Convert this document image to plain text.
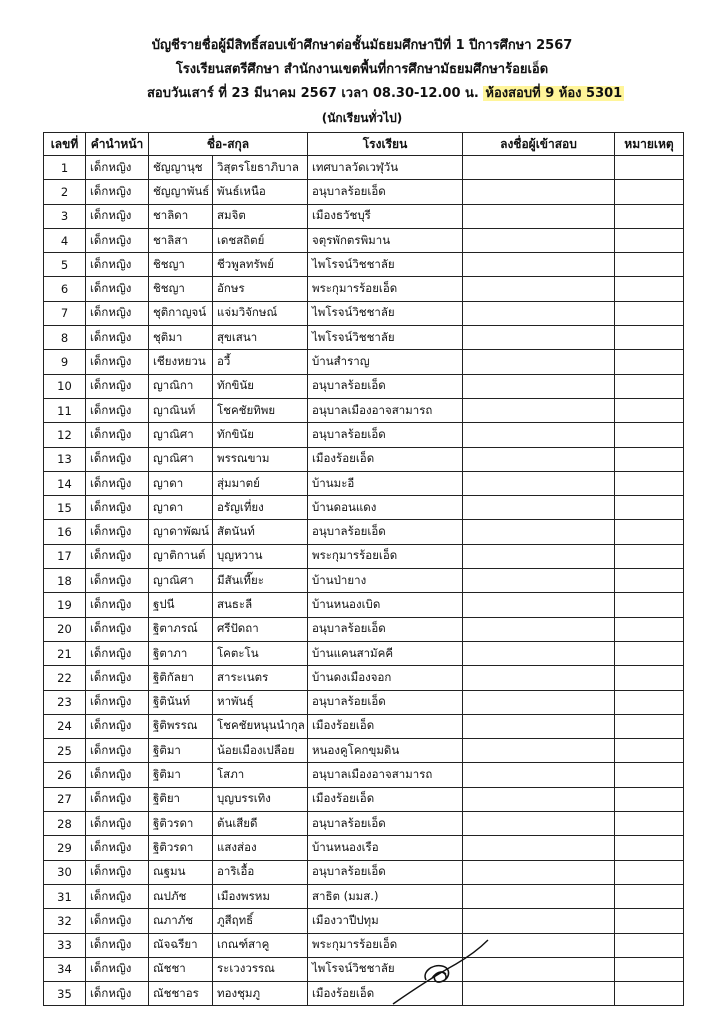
บัญชีรายชื่อผู้มีสิทธิ์สอบเข้าศึกษาต่อชั้นมัธยมศึกษาปีที่ 1 ปีการศึกษา 2567
โรงเรียนสตรีศึกษา สำนักงานเขตพื้นที่การศึกษามัธยมศึกษาร้อยเอ็ด
สอบวันเสาร์ ที่ 23 มีนาคม 2567 เวลา 08.30-12.00 น. ห้องสอบที่ 9 ห้อง 5301
(นักเรียนทั่วไป)
เลขที่	คำนำหน้า	ชื่อ-สกุล		โรงเรียน	ลงชื่อผู้เข้าสอบ	หมายเหตุ
1	เด็กหญิง	ชัญญานุช	วิสุตรโยธาภิบาล	เทศบาลวัดเวฬุวัน		
2	เด็กหญิง	ชัญญาพันธ์	พันธ์เหนือ	อนุบาลร้อยเอ็ด		
3	เด็กหญิง	ชาลิดา	สมจิต	เมืองธวัชบุรี		
4	เด็กหญิง	ชาลิสา	เดชสถิตย์	จตุรพักตรพิมาน		
5	เด็กหญิง	ชิชญา	ชีวพูลทรัพย์	ไพโรจน์วิชชาลัย		
6	เด็กหญิง	ชิชญา	อักษร	พระกุมารร้อยเอ็ด		
7	เด็กหญิง	ชุติกาญจน์	แจ่มวิจักษณ์	ไพโรจน์วิชชาลัย		
8	เด็กหญิง	ชุติมา	สุขเสนา	ไพโรจน์วิชชาลัย		
9	เด็กหญิง	เชียงหยวน	อวี้	บ้านสำราญ		
10	เด็กหญิง	ญาณิกา	ทักขินัย	อนุบาลร้อยเอ็ด		
11	เด็กหญิง	ญาณินท์	โชคชัยทิพย	อนุบาลเมืองอาจสามารถ		
12	เด็กหญิง	ญาณิศา	ทักขินัย	อนุบาลร้อยเอ็ด		
13	เด็กหญิง	ญาณิศา	พรรณขาม	เมืองร้อยเอ็ด		
14	เด็กหญิง	ญาดา	สุ่มมาตย์	บ้านมะอี		
15	เด็กหญิง	ญาดา	อรัญเที่ยง	บ้านดอนแดง		
16	เด็กหญิง	ญาดาพัฒน์	สัตนันท์	อนุบาลร้อยเอ็ด		
17	เด็กหญิง	ญาติกานต์	บุญหวาน	พระกุมารร้อยเอ็ด		
18	เด็กหญิง	ญาณิศา	มีสันเที๊ยะ	บ้านป่ายาง		
19	เด็กหญิง	ฐปนี	สนธะลี	บ้านหนองเบิด		
20	เด็กหญิง	ฐิตาภรณ์	ศรีปัดถา	อนุบาลร้อยเอ็ด		
21	เด็กหญิง	ฐิตาภา	โคตะโน	บ้านแคนสามัคคี		
22	เด็กหญิง	ฐิติกัลยา	สาระเนตร	บ้านดงเมืองจอก		
23	เด็กหญิง	ฐิตินันท์	หาพันธุ์	อนุบาลร้อยเอ็ด		
24	เด็กหญิง	ฐิติพรรณ	โชคชัยหนุนนำกุล	เมืองร้อยเอ็ด		
25	เด็กหญิง	ฐิติมา	น้อยเมืองเปลือย	หนองคูโคกขุมดิน		
26	เด็กหญิง	ฐิติมา	โสภา	อนุบาลเมืองอาจสามารถ		
27	เด็กหญิง	ฐิติยา	บุญบรรเทิง	เมืองร้อยเอ็ด		
28	เด็กหญิง	ฐิติวรดา	ต้นเสียดี	อนุบาลร้อยเอ็ด		
29	เด็กหญิง	ฐิติวรดา	แสงส่อง	บ้านหนองเรือ		
30	เด็กหญิง	ณฐมน	อาริเอื้อ	อนุบาลร้อยเอ็ด		
31	เด็กหญิง	ณปภัช	เมืองพรหม	สาธิต (มมส.)		
32	เด็กหญิง	ณภาภัช	ภูสีฤทธิ์	เมืองวาปีปทุม		
33	เด็กหญิง	ณัจฉรียา	เกณฑ์สาคู	พระกุมารร้อยเอ็ด		
34	เด็กหญิง	ณัชชา	ระเวงวรรณ	ไพโรจน์วิชชาลัย		
35	เด็กหญิง	ณัชชาอร	ทองชุมภู	เมืองร้อยเอ็ด		
